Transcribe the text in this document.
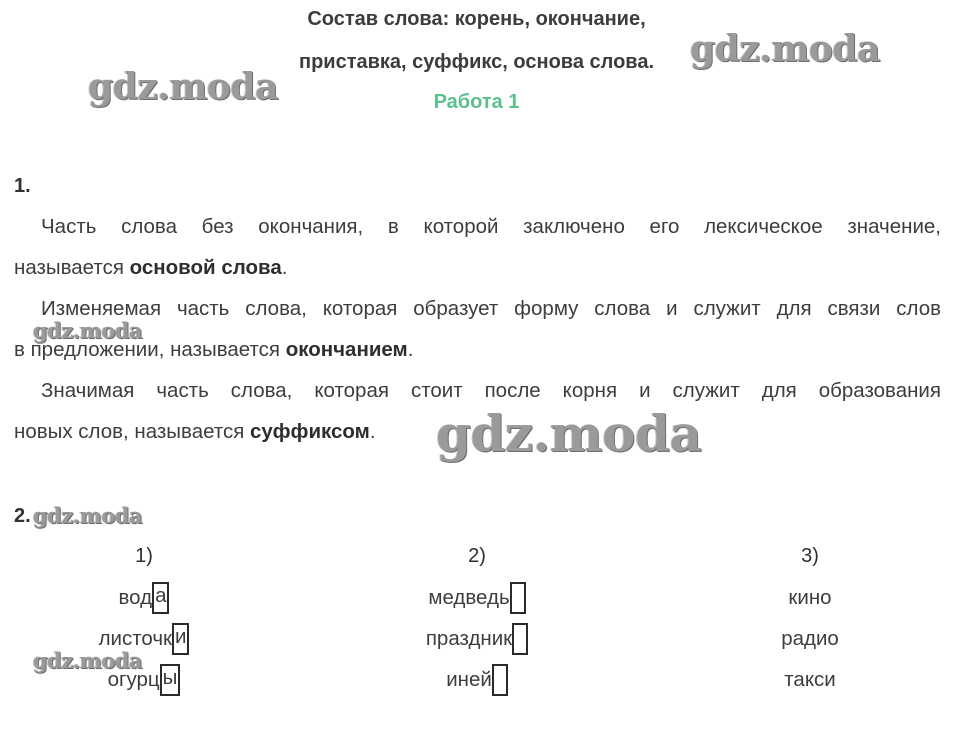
Состав слова: корень, окончание,
приставка, суффикс, основа слова.
Работа 1
1.
Часть слова без окончания, в которой заключено его лексическое значение,
называется основой слова.
Изменяемая часть слова, которая образует форму слова и служит для связи слов
в предложении, называется окончанием.
Значимая часть слова, которая стоит после корня и служит для образования
новых слов, называется суффиксом.
2.
1)	2)	3)
вод а
листочк и
огурц ы
медведь
праздник
иней
кино
радио
такси
gdz.moda
gdz.moda
gdz.moda
gdz.moda
gdz.moda
gdz.moda
